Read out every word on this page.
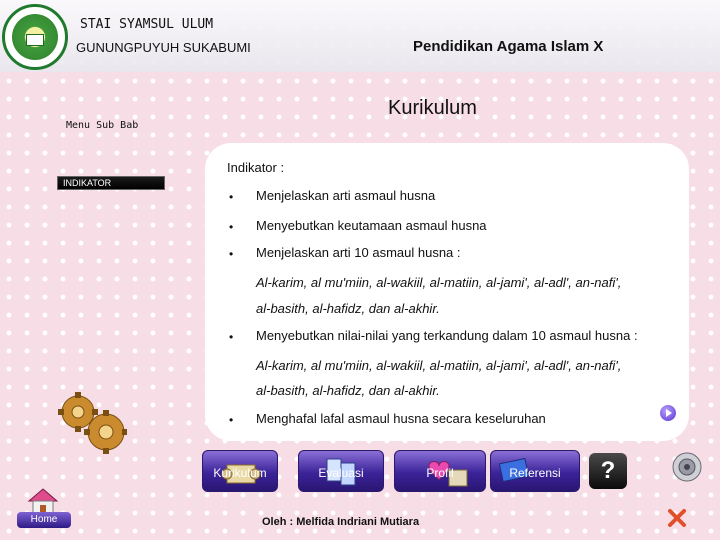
STAI SYAMSUL ULUM
GUNUNGPUYUH SUKABUMI	Pendidikan Agama Islam X
Kurikulum
Menu Sub Bab
INDIKATOR
Indikator :
• Menjelaskan arti asmaul husna
• Menyebutkan keutamaan asmaul husna
• Menjelaskan arti 10 asmaul husna :
Al-karim, al mu'miin, al-wakiil, al-matiin, al-jami', al-adl', an-nafi',
al-basith, al-hafidz, dan al-akhir.
• Menyebutkan nilai-nilai yang terkandung dalam 10 asmaul husna :
Al-karim, al mu'miin, al-wakiil, al-matiin, al-jami', al-adl', an-nafi',
al-basith, al-hafidz, dan al-akhir.
• Menghafal lafal asmaul husna secara keseluruhan
Kurikulum	Evaluasi	Profil	Referensi	?
Home	Oleh : Melfida Indriani Mutiara
